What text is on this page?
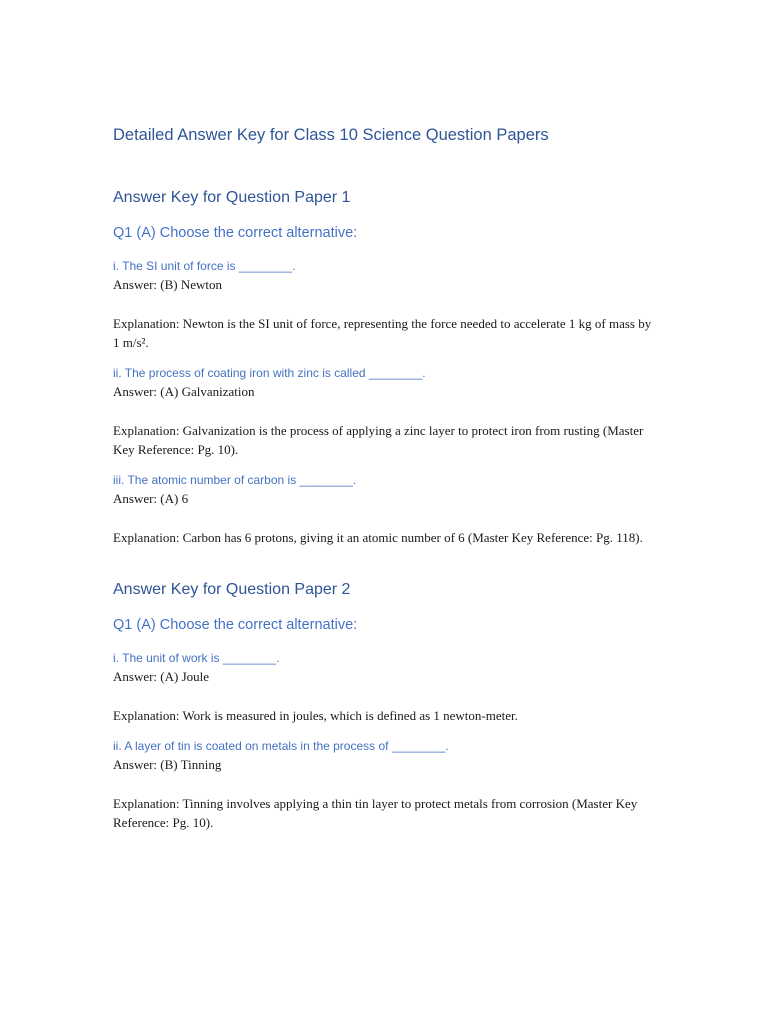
Detailed Answer Key for Class 10 Science Question Papers
Answer Key for Question Paper 1
Q1 (A) Choose the correct alternative:

i. The SI unit of force is ________.

Answer: (B) Newton

Explanation: Newton is the SI unit of force, representing the force needed to accelerate 1 kg of mass by 1 m/s².

ii. The process of coating iron with zinc is called ________.

Answer: (A) Galvanization

Explanation: Galvanization is the process of applying a zinc layer to protect iron from rusting (Master Key Reference: Pg. 10).

iii. The atomic number of carbon is ________.

Answer: (A) 6

Explanation: Carbon has 6 protons, giving it an atomic number of 6 (Master Key Reference: Pg. 118).

Answer Key for Question Paper 2
Q1 (A) Choose the correct alternative:

i. The unit of work is ________.

Answer: (A) Joule

Explanation: Work is measured in joules, which is defined as 1 newton-meter.

ii. A layer of tin is coated on metals in the process of ________.

Answer: (B) Tinning

Explanation: Tinning involves applying a thin tin layer to protect metals from corrosion (Master Key Reference: Pg. 10).
